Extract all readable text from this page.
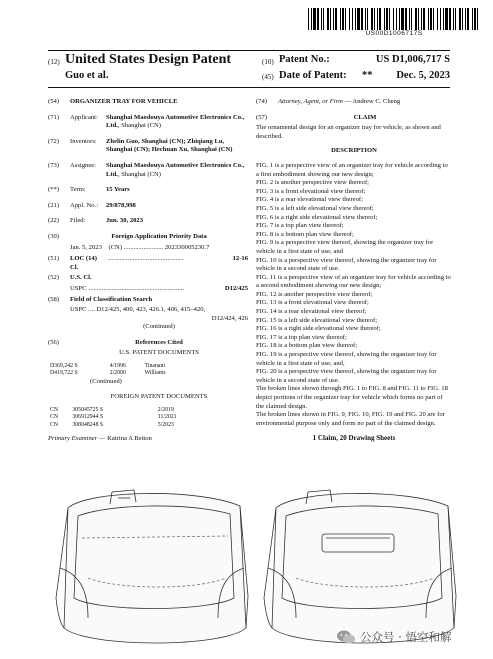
US00D1006717S
(12) United States Design Patent	(10) Patent No.:	US D1,006,717 S
Guo et al.	(45) Date of Patent: ** Dec. 5, 2023
(54)	ORGANIZER TRAY FOR VEHICLE
(71)	Applicant:	Shanghai Maodouya Automotive Electronics Co., Ltd., Shanghai (CN)
(72)	Inventors:	Zhelin Guo, Shanghai (CN); Zhiqiang Lu, Shanghai (CN); Hechuan Xu, Shanghai (CN)
(73)	Assignee:	Shanghai Maodouya Automotive Electronics Co., Ltd., Shanghai (CN)
(**)	Term:	15 Years
(21)	Appl. No.:	29/878,998
(22)	Filed:	Jun. 30, 2023
(30)	Foreign Application Priority Data
Jan. 5, 2023    (CN) ........................ 202330005230.7
(51)	LOC (14) Cl.
..............................................	12-16
(52)	U.S. Cl.
USPC ..........................................................	D12/425
(58)	Field of Classification Search
USPC .... D12/425, 400, 423, 426.1, 406, 415–420,
D12/424, 426
(Continued)
(56)	References Cited
U.S. PATENT DOCUMENTS
D369,242 S	4/1996	Tinanani
D419,722 S	2/2000	Williams
(Continued)
FOREIGN PATENT DOCUMENTS
CN	305045725 S	2/2019
CN	306912944 S	11/2021
CN	308048248 S	5/2023
Primary Examiner — Katrina A Betton
(74)	Attorney, Agent, or Firm — Andrew C. Cheng
(57)	CLAIM
The ornamental design for an organizer tray for vehicle, as shown and described.
DESCRIPTION

FIG. 1 is a perspective view of an organizer tray for vehicle according to a first embodiment showing our new design;

FIG. 2 is another perspective view thereof;

FIG. 3 is a front elevational view thereof;

FIG. 4 is a rear elevational view thereof;

FIG. 5 is a left side elevational view thereof;

FIG. 6 is a right side elevational view thereof;

FIG. 7 is a top plan view thereof;

FIG. 8 is a bottom plan view thereof;

FIG. 9 is a perspective view thereof, showing the organizer tray for vehicle in a first state of use; and

FIG. 10 is a perspective view thereof, showing the organizer tray for vehicle in a second state of use.

FIG. 11 is a perspective view of an organizer tray for vehicle according to a second embodiment showing our new design;

FIG. 12 is another perspective view thereof;

FIG. 13 is a front elevational view thereof;

FIG. 14 is a rear elevational view thereof;

FIG. 15 is a left side elevational view thereof;

FIG. 16 is a right side elevational view thereof;

FIG. 17 is a top plan view thereof;

FIG. 18 is a bottom plan view thereof;

FIG. 19 is a perspective view thereof, showing the organizer tray for vehicle in a first state of use; and,

FIG. 20 is a perspective view thereof, showing the organizer tray for vehicle in a second state of use.

The broken lines shown through FIG. 1 to FIG. 8 and FIG. 11 to FIG. 18 depict portions of the organizer tray for vehicle which forms no part of the claimed design.

The broken lines shown in FIG. 9, FIG. 10, FIG. 19 and FIG. 20 are for environmental purpose only and form no part of the claimed design.

1 Claim, 20 Drawing Sheets
公众号 · 悟空和解
